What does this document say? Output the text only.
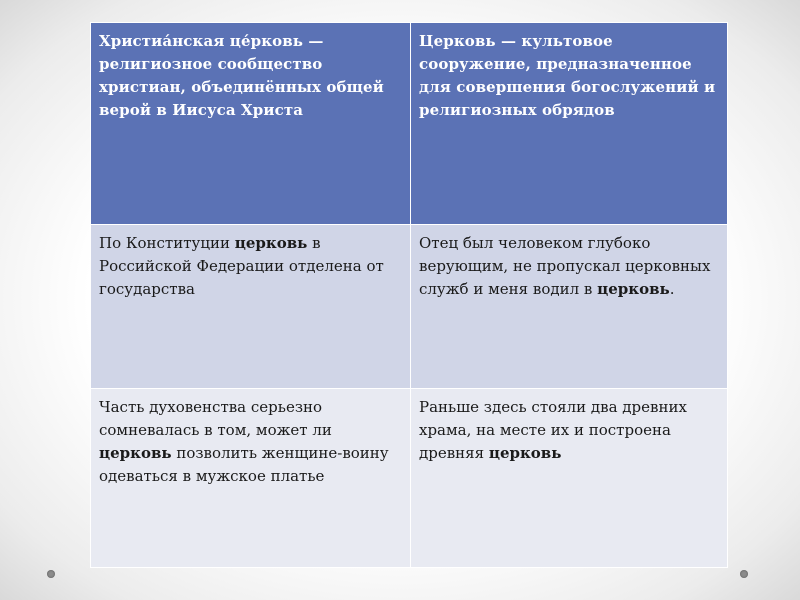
Христиа́нская це́рковь — религиозное сообщество христиан, объединённых общей верой в Иисуса Христа	Церковь — культовое сооружение, предназначенное для совершения богослужений и религиозных обрядов
По Конституции церковь в Российской Федерации отделена от государства	Отец был человеком глубоко верующим, не пропускал церковных служб и меня водил в церковь.
Часть духовенства серьезно сомневалась в том, может ли церковь позволить женщине-воину одеваться в мужское платье	Раньше здесь стояли два древних храма, на месте их и построена древняя церковь
